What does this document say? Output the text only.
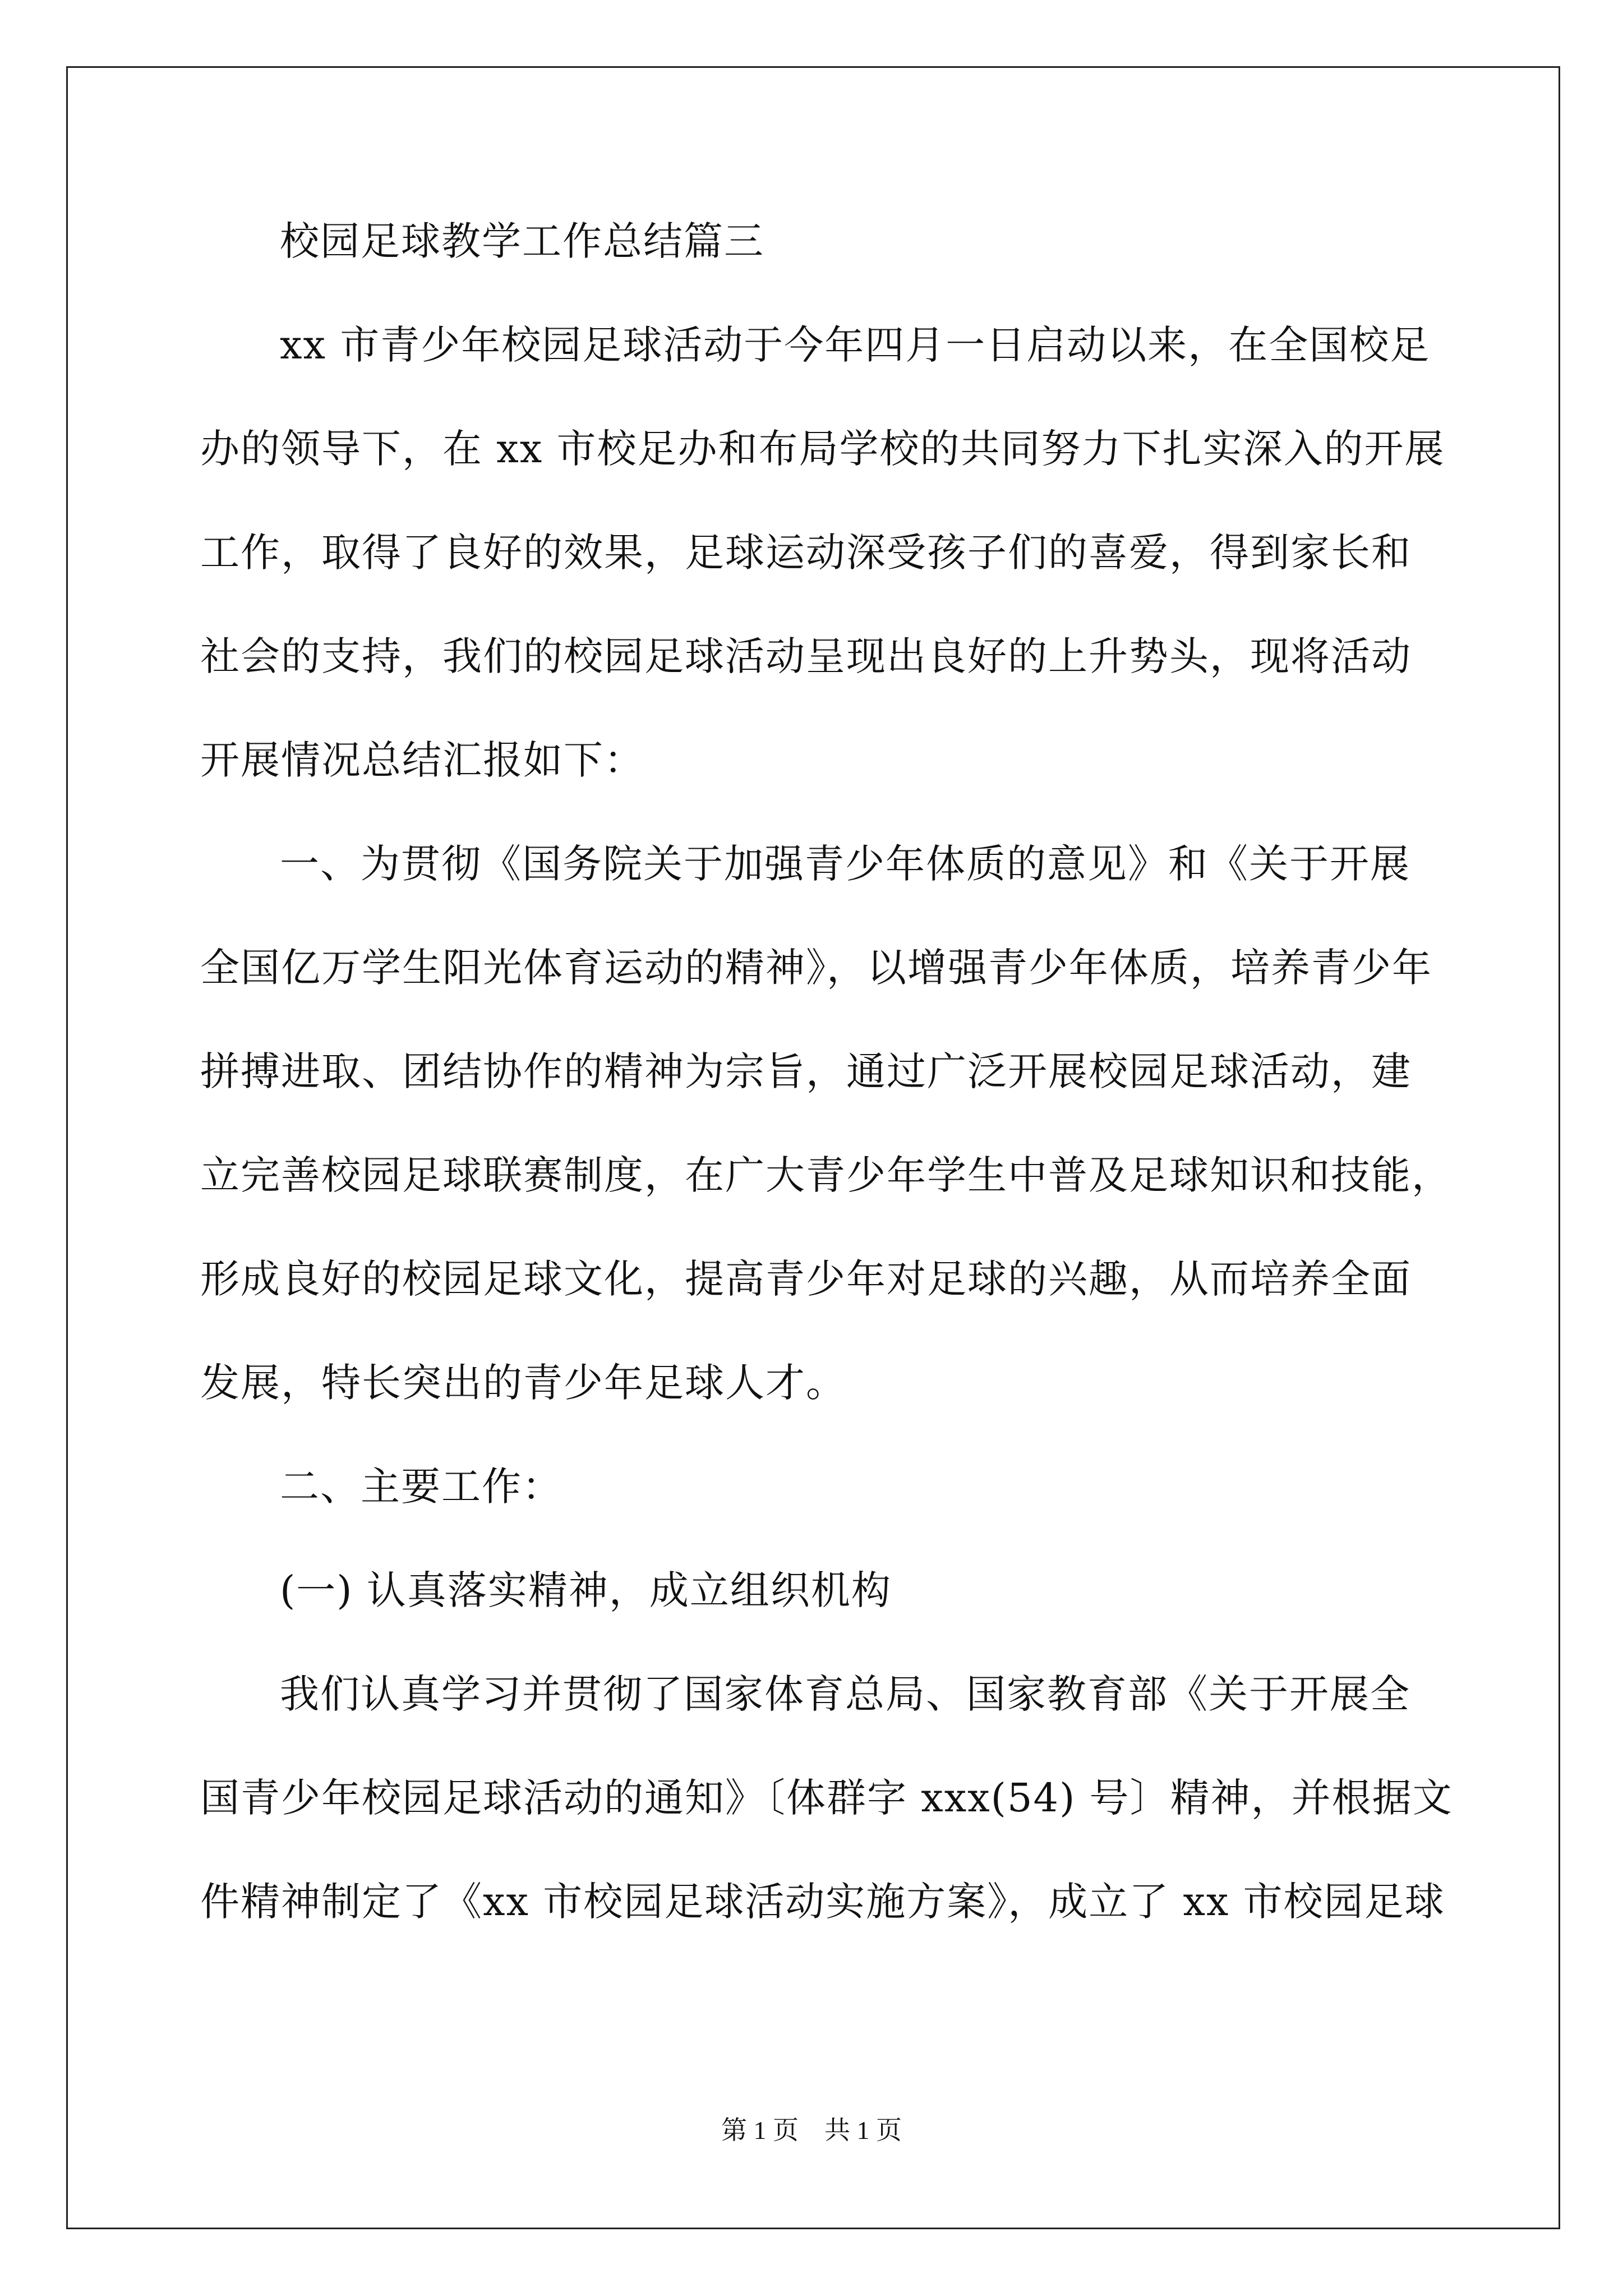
校园足球教学工作总结篇三
xx 市青少年校园足球活动于今年四月一日启动以来，在全国校足
办的领导下，在 xx 市校足办和布局学校的共同努力下扎实深入的开展
工作，取得了良好的效果，足球运动深受孩子们的喜爱，得到家长和
社会的支持，我们的校园足球活动呈现出良好的上升势头，现将活动
开展情况总结汇报如下：
一、为贯彻《国务院关于加强青少年体质的意见》和《关于开展
全国亿万学生阳光体育运动的精神》，以增强青少年体质，培养青少年
拼搏进取、团结协作的精神为宗旨，通过广泛开展校园足球活动，建
立完善校园足球联赛制度，在广大青少年学生中普及足球知识和技能，
形成良好的校园足球文化，提高青少年对足球的兴趣，从而培养全面
发展，特长突出的青少年足球人才。
二、主要工作：
(一) 认真落实精神，成立组织机构
我们认真学习并贯彻了国家体育总局、国家教育部《关于开展全
国青少年校园足球活动的通知》〔体群字 xxx(54) 号〕精神，并根据文
件精神制定了《xx 市校园足球活动实施方案》，成立了 xx 市校园足球
第 1 页　共 1 页
